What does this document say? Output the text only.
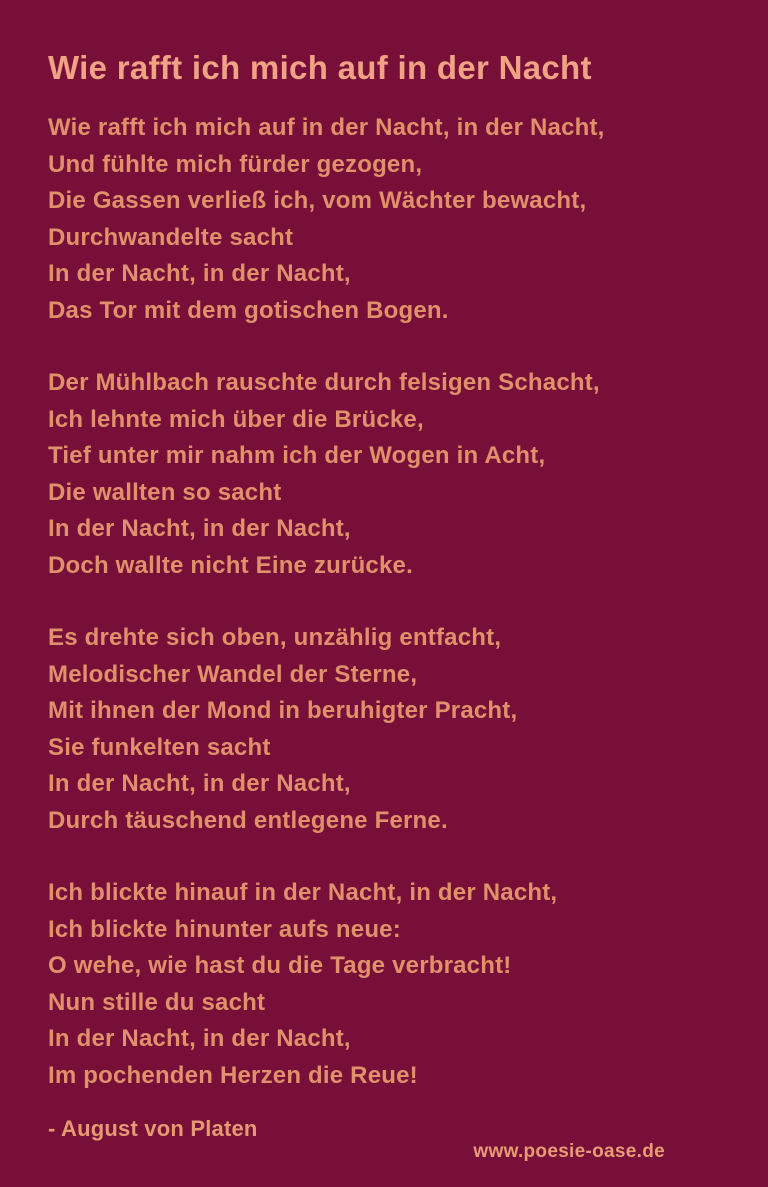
Wie rafft ich mich auf in der Nacht
Wie rafft ich mich auf in der Nacht, in der Nacht,
Und fühlte mich fürder gezogen,
Die Gassen verließ ich, vom Wächter bewacht,
Durchwandelte sacht
In der Nacht, in der Nacht,
Das Tor mit dem gotischen Bogen.
Der Mühlbach rauschte durch felsigen Schacht,
Ich lehnte mich über die Brücke,
Tief unter mir nahm ich der Wogen in Acht,
Die wallten so sacht
In der Nacht, in der Nacht,
Doch wallte nicht Eine zurücke.
Es drehte sich oben, unzählig entfacht,
Melodischer Wandel der Sterne,
Mit ihnen der Mond in beruhigter Pracht,
Sie funkelten sacht
In der Nacht, in der Nacht,
Durch täuschend entlegene Ferne.
Ich blickte hinauf in der Nacht, in der Nacht,
Ich blickte hinunter aufs neue:
O wehe, wie hast du die Tage verbracht!
Nun stille du sacht
In der Nacht, in der Nacht,
Im pochenden Herzen die Reue!
- August von Platen
www.poesie-oase.de
